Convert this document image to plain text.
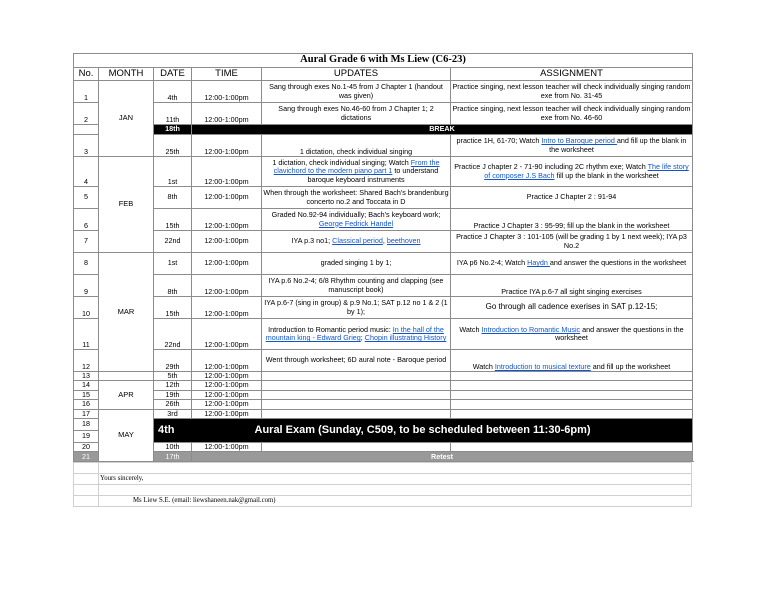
Aural Grade 6 with Ms Liew (C6-23)					
No.	MONTH	DATE	TIME	UPDATES	ASSIGNMENT
1	JAN	4th	12:00-1:00pm	Sang through exes No.1-45 from J Chapter 1 (handout was given)	Practice singing, next lesson teacher will check individually singing random exe from No. 31-45
2		11th	12:00-1:00pm	Sang through exes No.46-60 from J Chapter 1; 2 dictations	Practice singing, next lesson teacher will check individually singing random exe from No. 46-60
		18th	BREAK		
3		25th	12:00-1:00pm	1 dictation, check individual singing	practice 1H, 61-70; Watch Intro to Baroque period and fill up the blank in the worksheet
4	FEB	1st	12:00-1:00pm	1 dictation, check individual singing; Watch From the clavichord to the modern piano part 1 to understand baroque keyboard instruments	Practice J chapter 2 - 71-90 including 2C rhythm exe; Watch The life story of composer J.S Bach fill up the blank in the worksheet
5		8th	12:00-1:00pm	When through the worksheet: Shared Bach's brandenburg concerto no.2 and Toccata in D	Practice J Chapter 2 : 91-94
6		15th	12:00-1:00pm	Graded No.92-94 individually; Bach's keyboard work; George Fedrick Handel	Practice J Chapter 3 : 95-99; fill up the blank in the worksheet
7		22nd	12:00-1:00pm	IYA p.3 no1; Classical period, beethoven	Practice J Chapter 3 : 101-105 (will be grading 1 by 1 next week); IYA p3 No.2
8	MAR	1st	12:00-1:00pm	graded singing 1 by 1;	IYA p6 No.2-4; Watch Haydn and answer the questions in the worksheet
9		8th	12:00-1:00pm	IYA p.6 No.2-4; 6/8 Rhythm counting and clapping (see manuscript book)	Practice IYA p.6-7 all sight singing exercises
10		15th	12:00-1:00pm	IYA p.6-7 (sing in group) & p.9 No.1; SAT p.12 no 1 & 2 (1 by 1);	Go through all cadence exerises in SAT p.12-15;
11		22nd	12:00-1:00pm	Introduction to Romantic period music: In the hall of the mountain king - Edward Grieg; Chopin illustrating History	Watch Introduction to Romantic Music and answer the questions in the worksheet
12		29th	12:00-1:00pm	Went through worksheet; 6D aural note - Baroque period	Watch Introduction to musical texture and fill up the worksheet
13		5th	12:00-1:00pm		
14	APR	12th	12:00-1:00pm		
15		19th	12:00-1:00pm		
16		26th	12:00-1:00pm		
17	MAY	3rd	12:00-1:00pm		
18		4th Aural Exam (Sunday, C509, to be scheduled between 11:30-6pm)			
19					
20		10th	12:00-1:00pm		
21		17th	Retest		

	Yours sincerely,

	Ms Liew S.E. (email: liewshaneen.nak@gmail.com)
